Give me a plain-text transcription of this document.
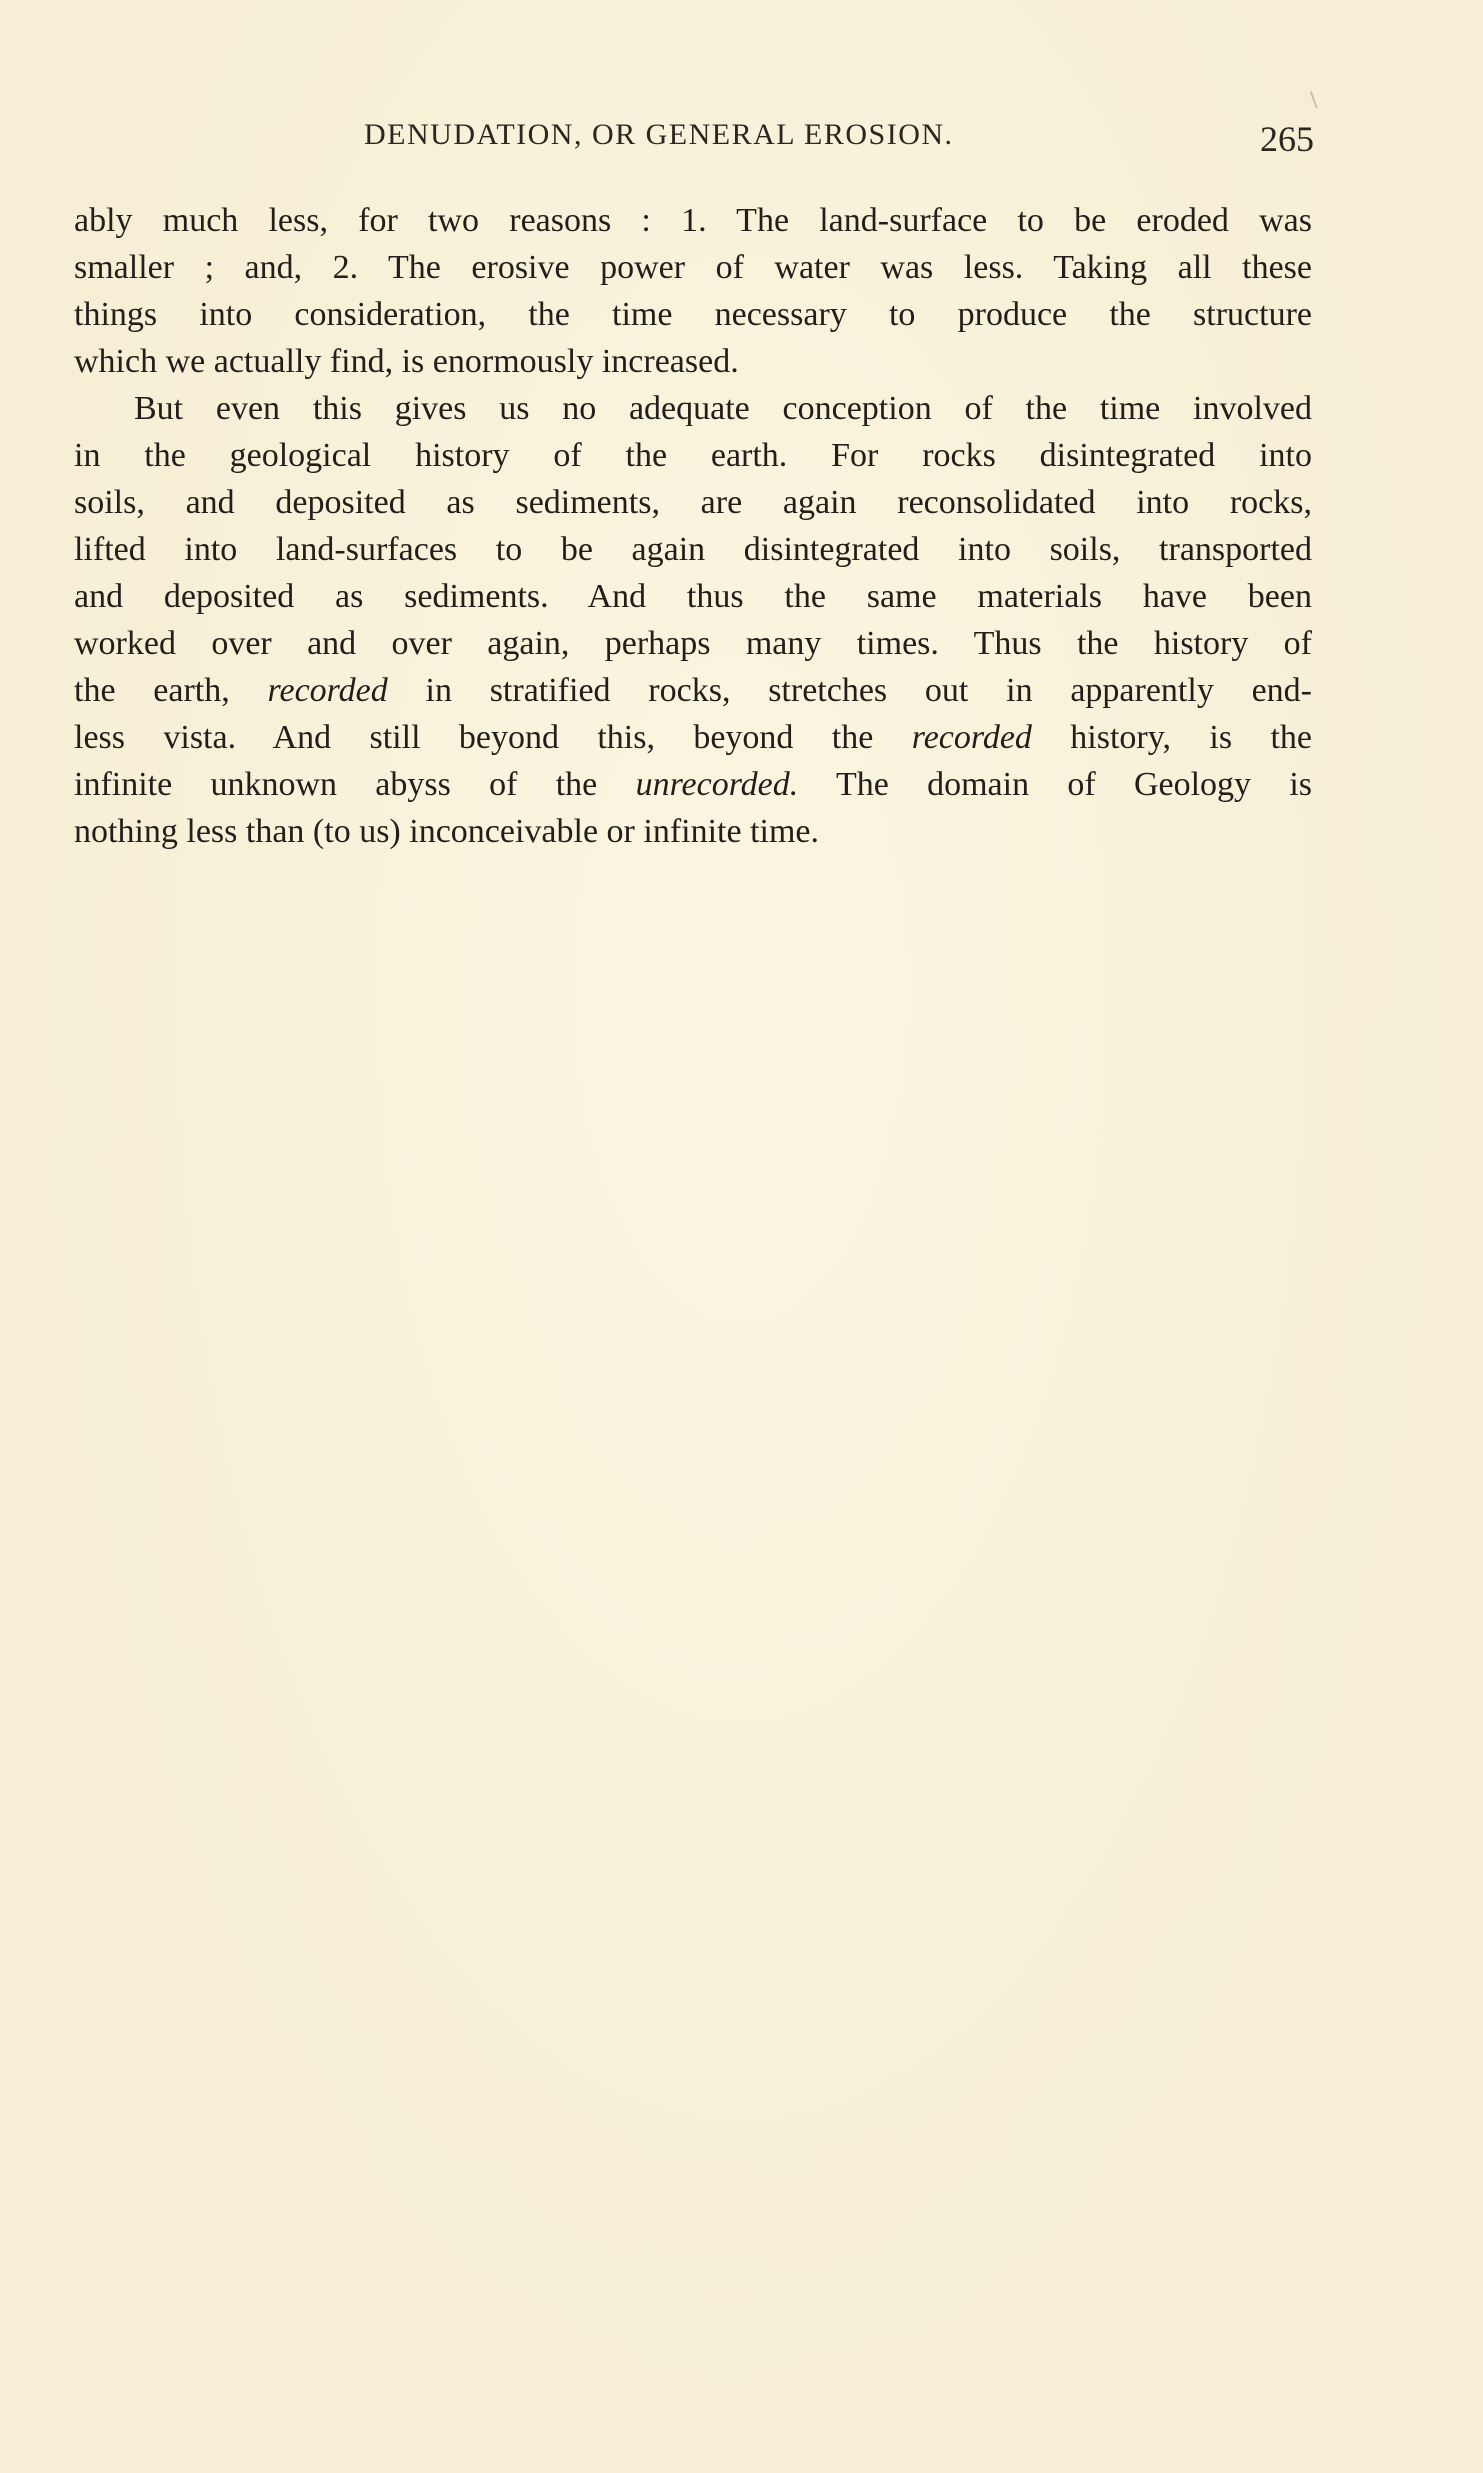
DENUDATION, OR GENERAL EROSION.	265
ably much less, for two reasons : 1. The land-surface to be eroded was
smaller ; and, 2. The erosive power of water was less. Taking all these
things into consideration, the time necessary to produce the structure
which we actually find, is enormously increased.
But even this gives us no adequate conception of the time involved
in the geological history of the earth. For rocks disintegrated into
soils, and deposited as sediments, are again reconsolidated into rocks,
lifted into land-surfaces to be again disintegrated into soils, transported
and deposited as sediments. And thus the same materials have been
worked over and over again, perhaps many times. Thus the history of
the earth, recorded in stratified rocks, stretches out in apparently end-
less vista. And still beyond this, beyond the recorded history, is the
infinite unknown abyss of the unrecorded. The domain of Geology is
nothing less than (to us) inconceivable or infinite time.
